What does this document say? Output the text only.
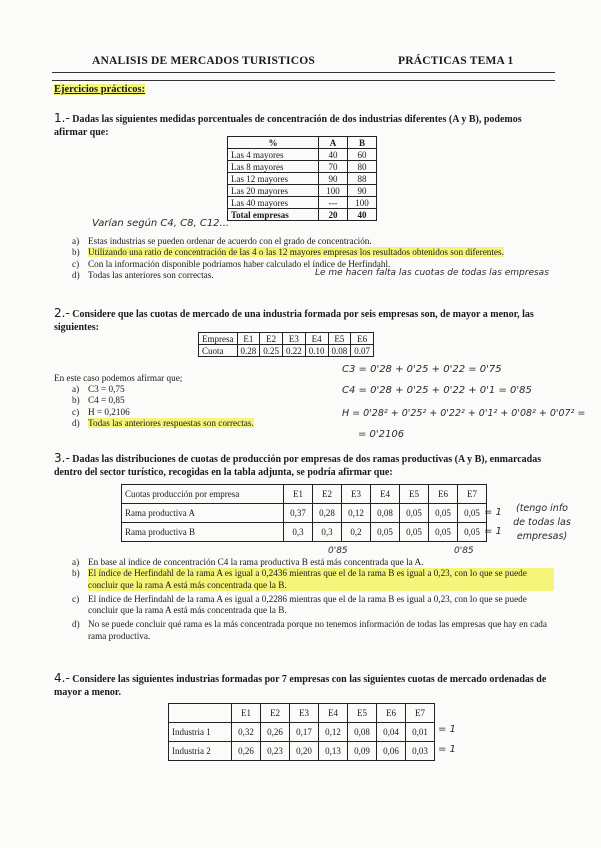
ANALISIS DE MERCADOS TURISTICOS	PRÁCTICAS TEMA 1
Ejercicios prácticos:
1.- Dadas las siguientes medidas porcentuales de concentración de dos industrias diferentes (A y B), podemos afirmar que:
%	A	B
Las 4 mayores	40	60
Las 8 mayores	70	80
Las 12 mayores	90	88
Las 20 mayores	100	90
Las 40 mayores	---	100
Total empresas	20	40
Varían según C4, C8, C12...
a) Estas industrias se pueden ordenar de acuerdo con el grado de concentración.
b) Utilizando una ratio de concentración de las 4 o las 12 mayores empresas los resultados obtenidos son diferentes.
c) Con la información disponible podríamos haber calculado el índice de Herfindahl.
d) Todas las anteriores son correctas.	Le me hacen falta las cuotas de todas las empresas
2.- Considere que las cuotas de mercado de una industria formada por seis empresas son, de mayor a menor, las siguientes:
Empresa	E1	E2	E3	E4	E5	E6
Cuota	0.28	0.25	0.22	0.10	0.08	0.07
En este caso podemos afirmar que;
a) C3 = 0,75
b) C4 = 0,85
c) H = 0,2106
d) Todas las anteriores respuestas son correctas.
C3 = 0'28 + 0'25 + 0'22 = 0'75
C4 = 0'28 + 0'25 + 0'22 + 0'1 = 0'85
H = 0'28² + 0'25² + 0'22² + 0'1² + 0'08² + 0'07² =
= 0'2106
3.- Dadas las distribuciones de cuotas de producción por empresas de dos ramas productivas (A y B), enmarcadas dentro del sector turístico, recogidas en la tabla adjunta, se podría afirmar que:
Cuotas producción por empresa	E1	E2	E3	E4	E5	E6	E7
Rama productiva A	0,37	0,28	0,12	0,08	0,05	0,05	0,05
Rama productiva B	0,3	0,3	0,2	0,05	0,05	0,05	0,05
= 1
= 1
(tengo info de todas las empresas)
0'85	0'85
a) En base al índice de concentración C4 la rama productiva B está más concentrada que la A.
b) El índice de Herfindahl de la rama A es igual a 0,2436 mientras que el de la rama B es igual a 0,23, con lo que se puede concluir que la rama A está más concentrada que la B.
c) El índice de Herfindahl de la rama A es igual a 0,2286 mientras que el de la rama B es igual a 0,23, con lo que se puede concluir que la rama A está más concentrada que la B.
d) No se puede concluir qué rama es la más concentrada porque no tenemos información de todas las empresas que hay en cada rama productiva.
4.- Considere las siguientes industrias formadas por 7 empresas con las siguientes cuotas de mercado ordenadas de mayor a menor.
	E1	E2	E3	E4	E5	E6	E7
Industria 1	0,32	0,26	0,17	0,12	0,08	0,04	0,01
Industria 2	0,26	0,23	0,20	0,13	0,09	0,06	0,03
= 1
= 1
